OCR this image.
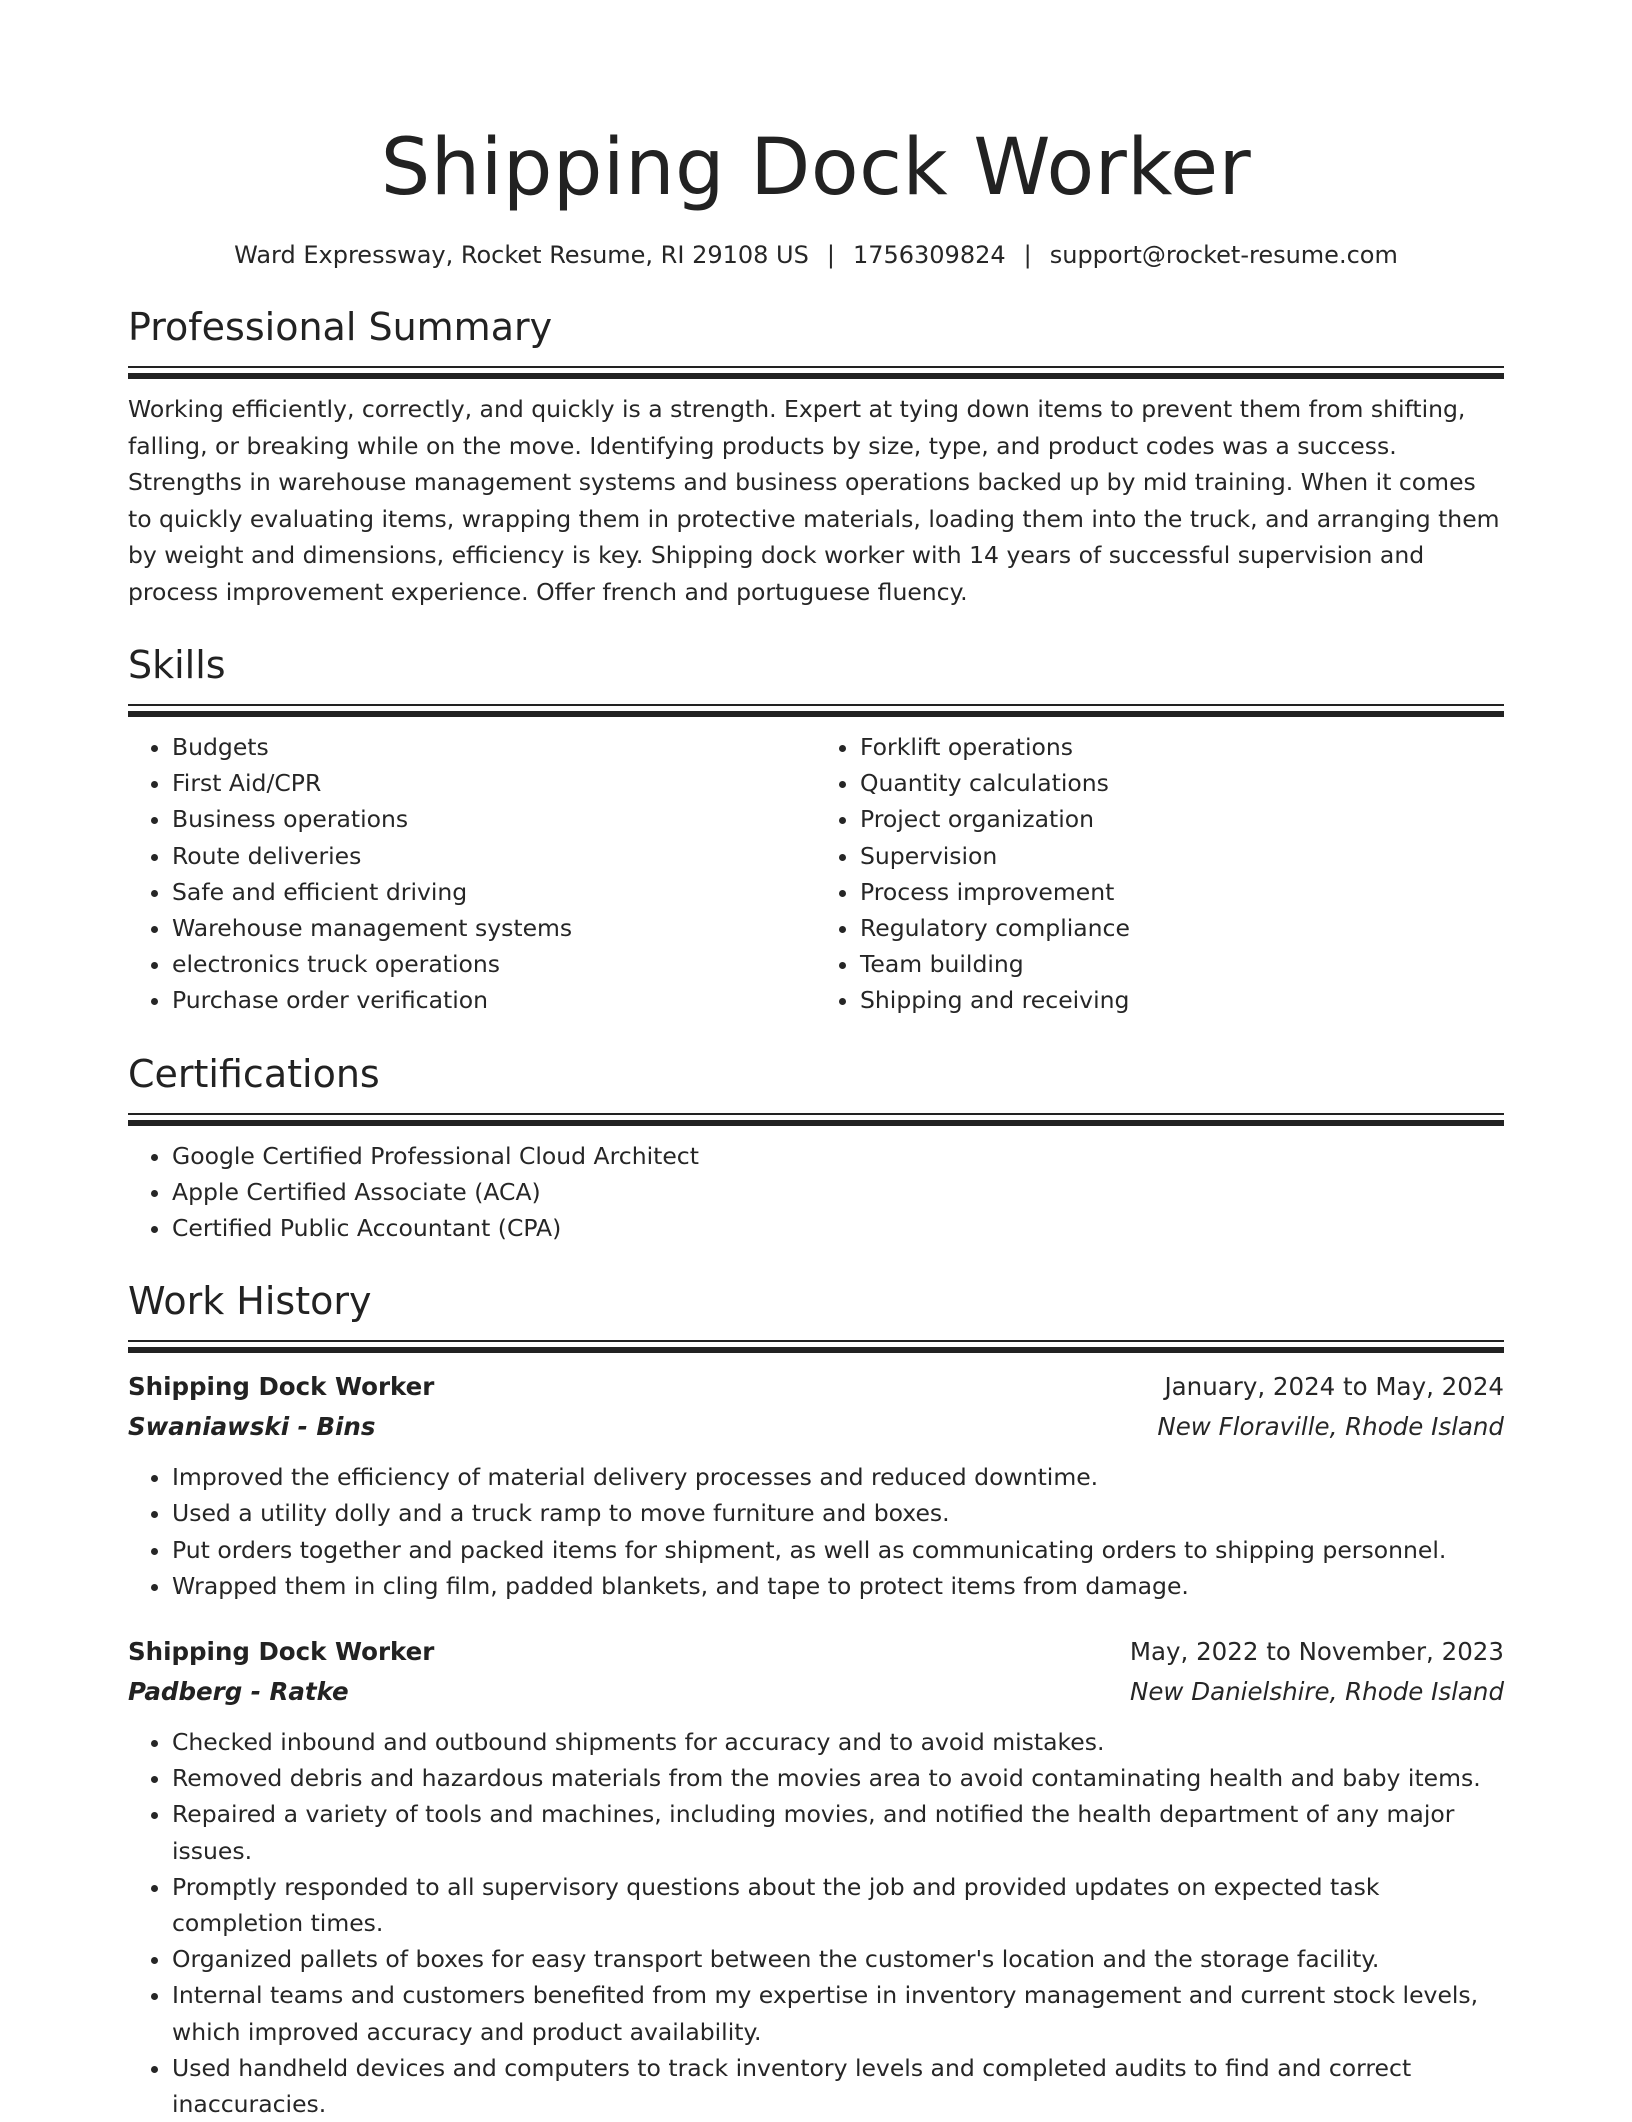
Shipping Dock Worker
Ward Expressway, Rocket Resume, RI 29108 US | 1756309824 | support@rocket-resume.com
Professional Summary
Working efficiently, correctly, and quickly is a strength. Expert at tying down items to prevent them from shifting, falling, or breaking while on the move. Identifying products by size, type, and product codes was a success. Strengths in warehouse management systems and business operations backed up by mid training. When it comes to quickly evaluating items, wrapping them in protective materials, loading them into the truck, and arranging them by weight and dimensions, efficiency is key. Shipping dock worker with 14 years of successful supervision and process improvement experience. Offer french and portuguese fluency.
Skills
• Budgets
• First Aid/CPR
• Business operations
• Route deliveries
• Safe and efficient driving
• Warehouse management systems
• electronics truck operations
• Purchase order verification
• Forklift operations
• Quantity calculations
• Project organization
• Supervision
• Process improvement
• Regulatory compliance
• Team building
• Shipping and receiving
Certifications
• Google Certified Professional Cloud Architect
• Apple Certified Associate (ACA)
• Certified Public Accountant (CPA)
Work History
Shipping Dock Worker	January, 2024 to May, 2024
Swaniawski - Bins	New Floraville, Rhode Island
• Improved the efficiency of material delivery processes and reduced downtime.
• Used a utility dolly and a truck ramp to move furniture and boxes.
• Put orders together and packed items for shipment, as well as communicating orders to shipping personnel.
• Wrapped them in cling film, padded blankets, and tape to protect items from damage.
Shipping Dock Worker	May, 2022 to November, 2023
Padberg - Ratke	New Danielshire, Rhode Island
• Checked inbound and outbound shipments for accuracy and to avoid mistakes.
• Removed debris and hazardous materials from the movies area to avoid contaminating health and baby items.
• Repaired a variety of tools and machines, including movies, and notified the health department of any major issues.
• Promptly responded to all supervisory questions about the job and provided updates on expected task completion times.
• Organized pallets of boxes for easy transport between the customer's location and the storage facility.
• Internal teams and customers benefited from my expertise in inventory management and current stock levels, which improved accuracy and product availability.
• Used handheld devices and computers to track inventory levels and completed audits to find and correct inaccuracies.
